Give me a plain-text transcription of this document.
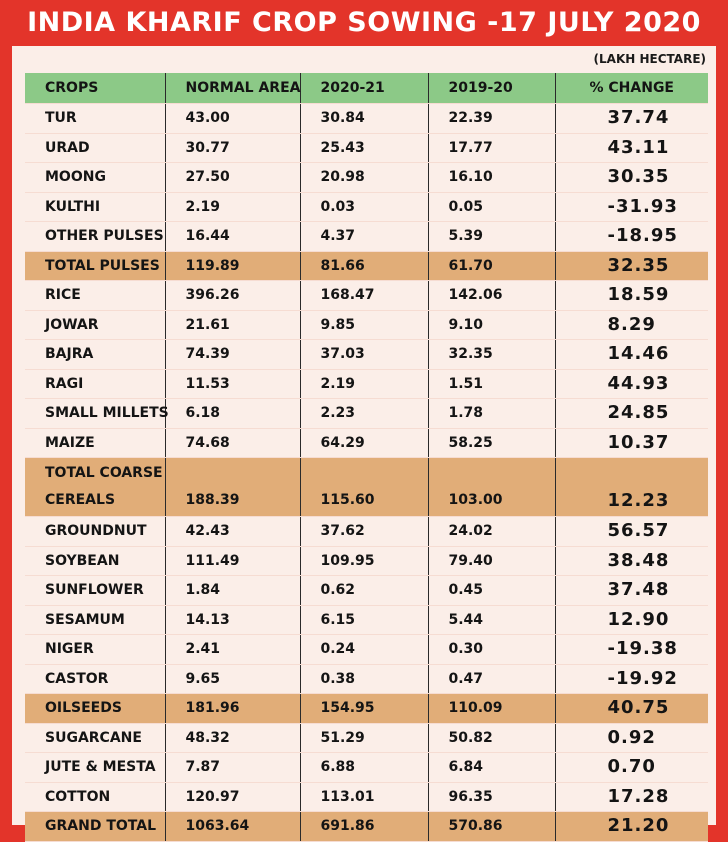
INDIA KHARIF CROP SOWING -17 JULY 2020
(LAKH HECTARE)
CROPS	NORMAL AREA	2020-21	2019-20	% CHANGE
TUR	43.00	30.84	22.39	37.74
URAD	30.77	25.43	17.77	43.11
MOONG	27.50	20.98	16.10	30.35
KULTHI	2.19	0.03	0.05	-31.93
OTHER PULSES	16.44	4.37	5.39	-18.95
TOTAL PULSES	119.89	81.66	61.70	32.35
RICE	396.26	168.47	142.06	18.59
JOWAR	21.61	9.85	9.10	8.29
BAJRA	74.39	37.03	32.35	14.46
RAGI	11.53	2.19	1.51	44.93
SMALL MILLETS	6.18	2.23	1.78	24.85
MAIZE	74.68	64.29	58.25	10.37

TOTAL COARSE
CEREALS	188.39	115.60	103.00	12.23
GROUNDNUT	42.43	37.62	24.02	56.57
SOYBEAN	111.49	109.95	79.40	38.48
SUNFLOWER	1.84	0.62	0.45	37.48
SESAMUM	14.13	6.15	5.44	12.90
NIGER	2.41	0.24	0.30	-19.38
CASTOR	9.65	0.38	0.47	-19.92
OILSEEDS	181.96	154.95	110.09	40.75
SUGARCANE	48.32	51.29	50.82	0.92
JUTE & MESTA	7.87	6.88	6.84	0.70
COTTON	120.97	113.01	96.35	17.28
GRAND TOTAL	1063.64	691.86	570.86	21.20
